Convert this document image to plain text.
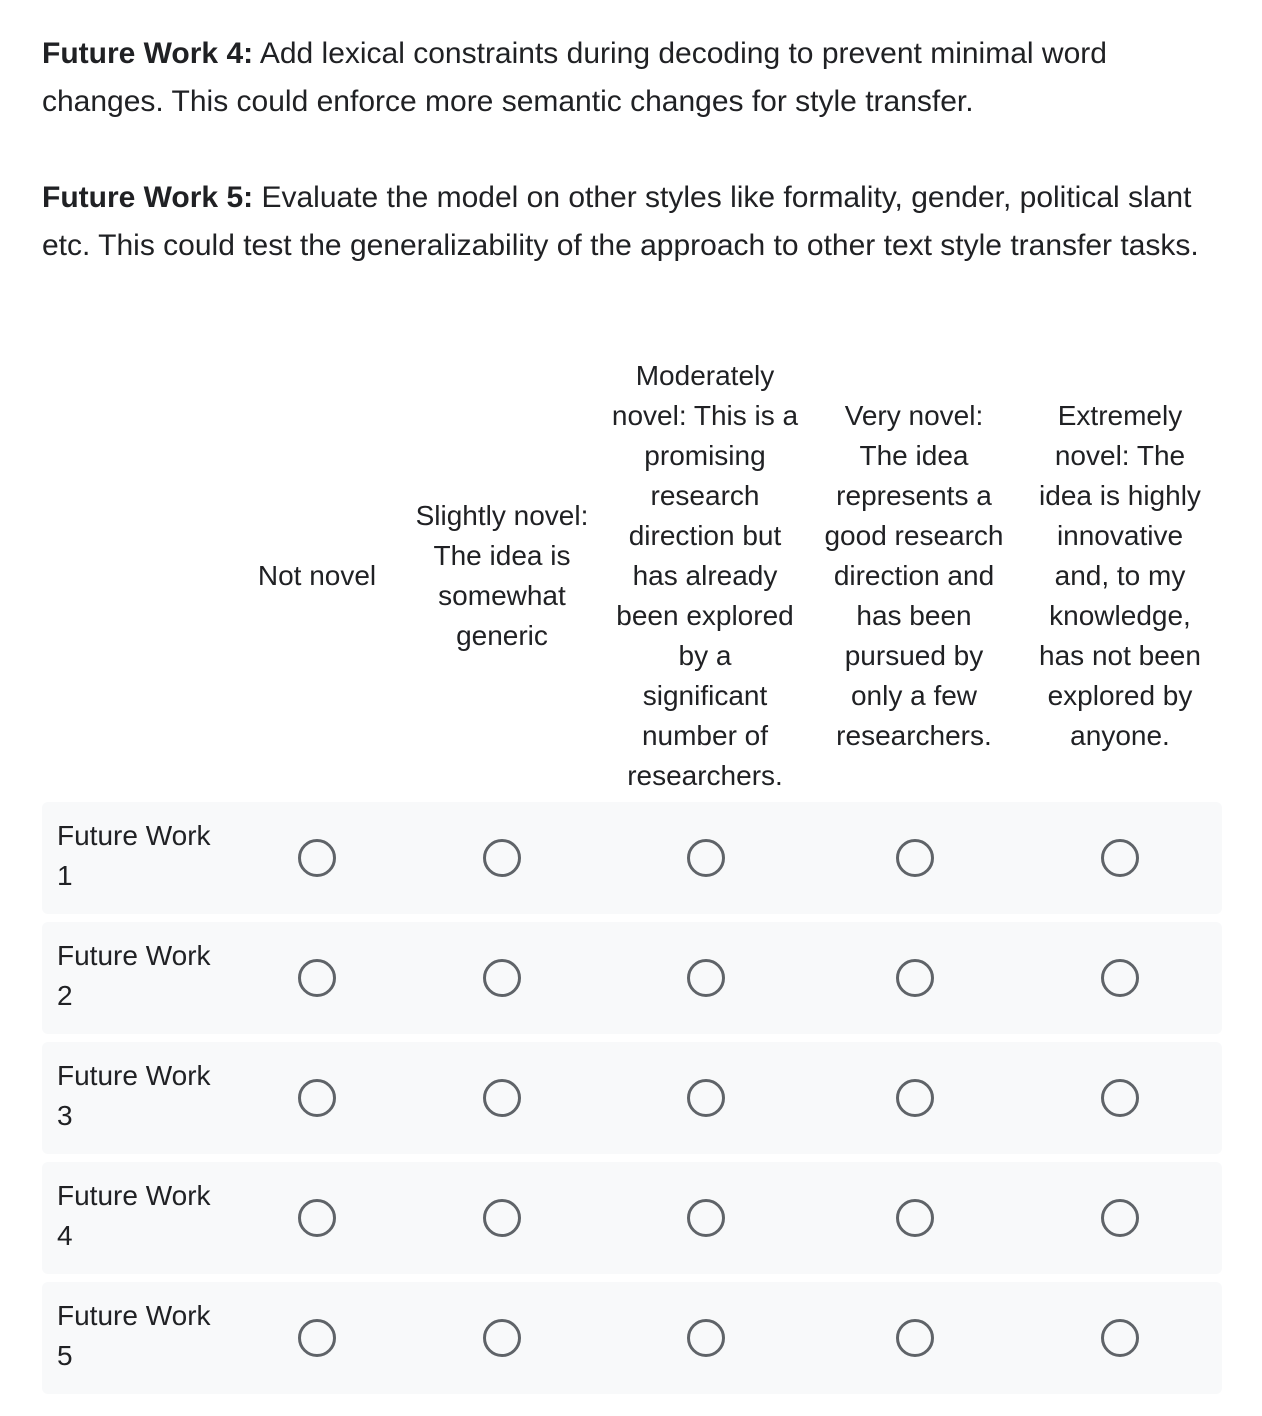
Future Work 4: Add lexical constraints during decoding to prevent minimal word changes. This could enforce more semantic changes for style transfer.

Future Work 5: Evaluate the model on other styles like formality, gender, political slant etc. This could test the generalizability of the approach to other text style transfer tasks.

Not novel
Slightly novel:
The idea is
somewhat
generic
Moderately
novel: This is a
promising
research
direction but
has already
been explored
by a
significant
number of
researchers.
Very novel:
The idea
represents a
good research
direction and
has been
pursued by
only a few
researchers.
Extremely
novel: The
idea is highly
innovative
and, to my
knowledge,
has not been
explored by
anyone.
Future Work
1
Future Work
2
Future Work
3
Future Work
4
Future Work
5
